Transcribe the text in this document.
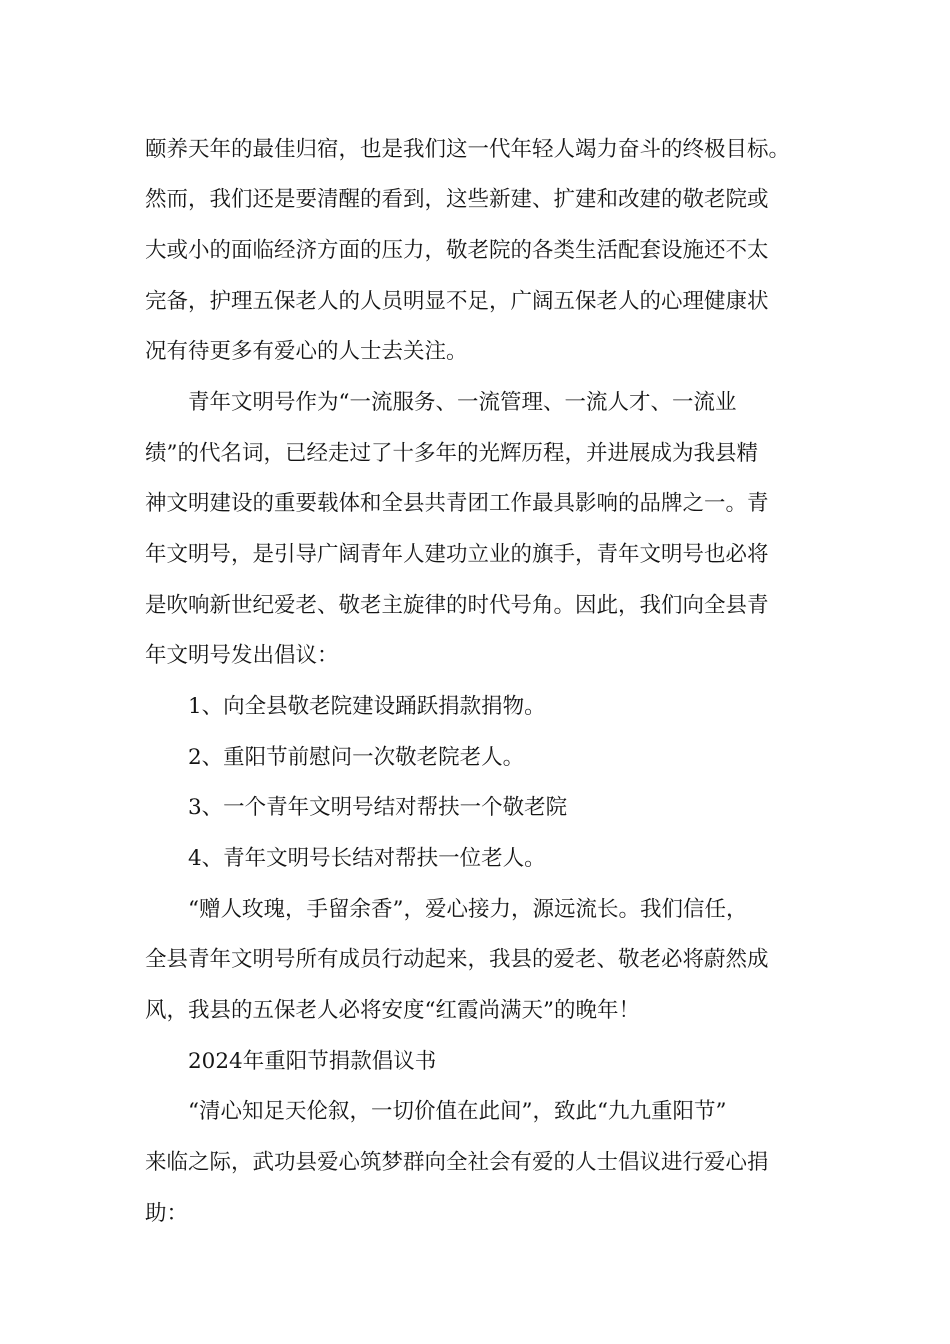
颐养天年的最佳归宿，也是我们这一代年轻人竭力奋斗的终极目标。
然而，我们还是要清醒的看到，这些新建、扩建和改建的敬老院或
大或小的面临经济方面的压力，敬老院的各类生活配套设施还不太
完备，护理五保老人的人员明显不足，广阔五保老人的心理健康状
况有待更多有爱心的人士去关注。
青年文明号作为“一流服务、一流管理、一流人才、一流业
绩”的代名词，已经走过了十多年的光辉历程，并进展成为我县精
神文明建设的重要载体和全县共青团工作最具影响的品牌之一。青
年文明号，是引导广阔青年人建功立业的旗手，青年文明号也必将
是吹响新世纪爱老、敬老主旋律的时代号角。因此，我们向全县青
年文明号发出倡议：
1、向全县敬老院建设踊跃捐款捐物。
2、重阳节前慰问一次敬老院老人。
3、一个青年文明号结对帮扶一个敬老院
4、青年文明号长结对帮扶一位老人。
“赠人玫瑰，手留余香”，爱心接力，源远流长。我们信任，
全县青年文明号所有成员行动起来，我县的爱老、敬老必将蔚然成
风，我县的五保老人必将安度“红霞尚满天”的晚年！
2024年重阳节捐款倡议书
“清心知足天伦叙，一切价值在此间”，致此“九九重阳节”
来临之际，武功县爱心筑梦群向全社会有爱的人士倡议进行爱心捐
助：
